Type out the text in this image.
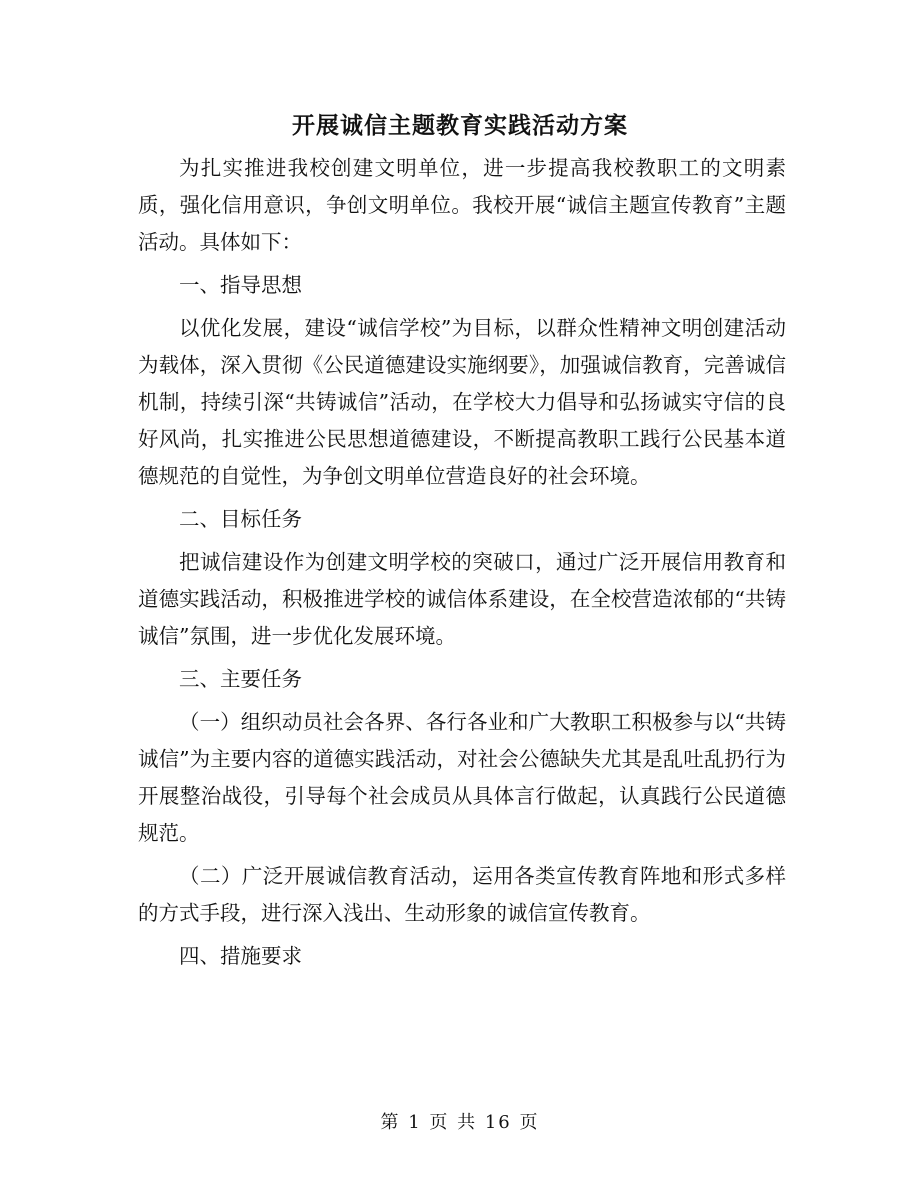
开展诚信主题教育实践活动方案

为扎实推进我校创建文明单位，进一步提高我校教职工的文明素质，强化信用意识，争创文明单位。我校开展“诚信主题宣传教育”主题活动。具体如下：

一、指导思想

以优化发展，建设“诚信学校”为目标，以群众性精神文明创建活动为载体，深入贯彻《公民道德建设实施纲要》，加强诚信教育，完善诚信机制，持续引深“共铸诚信”活动，在学校大力倡导和弘扬诚实守信的良好风尚，扎实推进公民思想道德建设，不断提高教职工践行公民基本道德规范的自觉性，为争创文明单位营造良好的社会环境。

二、目标任务

把诚信建设作为创建文明学校的突破口，通过广泛开展信用教育和道德实践活动，积极推进学校的诚信体系建设，在全校营造浓郁的“共铸诚信”氛围，进一步优化发展环境。

三、主要任务

（一）组织动员社会各界、各行各业和广大教职工积极参与以“共铸诚信”为主要内容的道德实践活动，对社会公德缺失尤其是乱吐乱扔行为开展整治战役，引导每个社会成员从具体言行做起，认真践行公民道德规范。

（二）广泛开展诚信教育活动，运用各类宣传教育阵地和形式多样的方式手段，进行深入浅出、生动形象的诚信宣传教育。

四、措施要求

第 1 页 共 16 页
